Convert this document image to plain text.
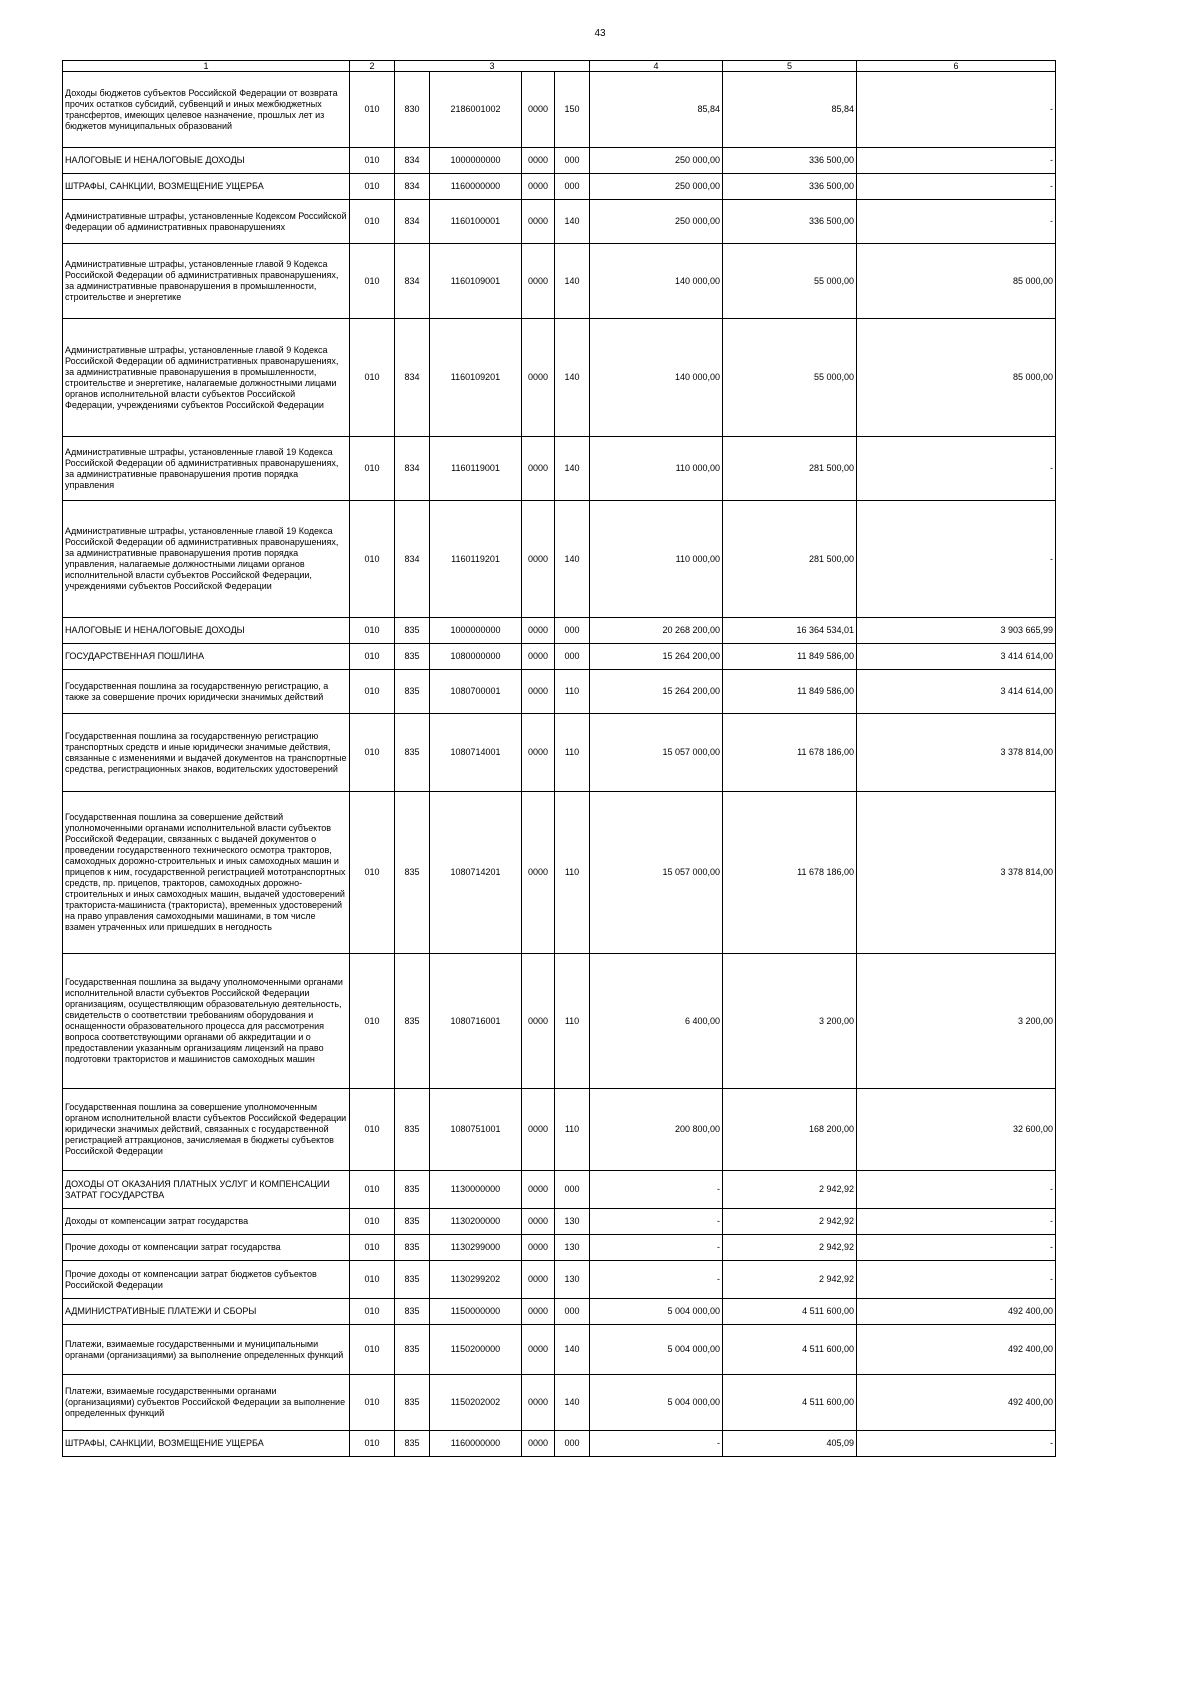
43
1	2	3				4	5	6
Доходы бюджетов субъектов Российской Федерации от возврата прочих остатков субсидий, субвенций и иных межбюджетных трансфертов, имеющих целевое назначение, прошлых лет из бюджетов муниципальных образований	010	830	2186001002	0000	150	85,84	85,84	-
НАЛОГОВЫЕ И НЕНАЛОГОВЫЕ ДОХОДЫ	010	834	1000000000	0000	000	250 000,00	336 500,00	-
ШТРАФЫ, САНКЦИИ, ВОЗМЕЩЕНИЕ УЩЕРБА	010	834	1160000000	0000	000	250 000,00	336 500,00	-
Административные штрафы, установленные Кодексом Российской Федерации об административных правонарушениях	010	834	1160100001	0000	140	250 000,00	336 500,00	-
Административные штрафы, установленные главой 9 Кодекса Российской Федерации об административных правонарушениях, за административные правонарушения в промышленности, строительстве и энергетике	010	834	1160109001	0000	140	140 000,00	55 000,00	85 000,00
Административные штрафы, установленные главой 9 Кодекса Российской Федерации об административных правонарушениях, за административные правонарушения в промышленности, строительстве и энергетике, налагаемые должностными лицами органов исполнительной власти субъектов Российской Федерации, учреждениями субъектов Российской Федерации	010	834	1160109201	0000	140	140 000,00	55 000,00	85 000,00
Административные штрафы, установленные главой 19 Кодекса Российской Федерации об административных правонарушениях, за административные правонарушения против порядка управления	010	834	1160119001	0000	140	110 000,00	281 500,00	-
Административные штрафы, установленные главой 19 Кодекса Российской Федерации об административных правонарушениях, за административные правонарушения против порядка управления, налагаемые должностными лицами органов исполнительной власти субъектов Российской Федерации, учреждениями субъектов Российской Федерации	010	834	1160119201	0000	140	110 000,00	281 500,00	-
НАЛОГОВЫЕ И НЕНАЛОГОВЫЕ ДОХОДЫ	010	835	1000000000	0000	000	20 268 200,00	16 364 534,01	3 903 665,99
ГОСУДАРСТВЕННАЯ ПОШЛИНА	010	835	1080000000	0000	000	15 264 200,00	11 849 586,00	3 414 614,00
Государственная пошлина за государственную регистрацию, а также за совершение прочих юридически значимых действий	010	835	1080700001	0000	110	15 264 200,00	11 849 586,00	3 414 614,00
Государственная пошлина за государственную регистрацию транспортных средств и иные юридически значимые действия, связанные с изменениями и выдачей документов на транспортные средства, регистрационных знаков, водительских удостоверений	010	835	1080714001	0000	110	15 057 000,00	11 678 186,00	3 378 814,00
Государственная пошлина за совершение действий уполномоченными органами исполнительной власти субъектов Российской Федерации, связанных с выдачей документов о проведении государственного технического осмотра тракторов, самоходных дорожно-строительных и иных самоходных машин и прицепов к ним, государственной регистрацией мототранспортных средств, пр. прицепов, тракторов, самоходных дорожно-строительных и иных самоходных машин, выдачей удостоверений тракториста-машиниста (тракториста), временных удостоверений на право управления самоходными машинами, в том числе взамен утраченных или пришедших в негодность	010	835	1080714201	0000	110	15 057 000,00	11 678 186,00	3 378 814,00
Государственная пошлина за выдачу уполномоченными органами исполнительной власти субъектов Российской Федерации организациям, осуществляющим образовательную деятельность, свидетельств о соответствии требованиям оборудования и оснащенности образовательного процесса для рассмотрения вопроса соответствующими органами об аккредитации и о предоставлении указанным организациям лицензий на право подготовки трактористов и машинистов самоходных машин	010	835	1080716001	0000	110	6 400,00	3 200,00	3 200,00
Государственная пошлина за совершение уполномоченным органом исполнительной власти субъектов Российской Федерации юридически значимых действий, связанных с государственной регистрацией аттракционов, зачисляемая в бюджеты субъектов Российской Федерации	010	835	1080751001	0000	110	200 800,00	168 200,00	32 600,00
ДОХОДЫ ОТ ОКАЗАНИЯ ПЛАТНЫХ УСЛУГ И КОМПЕНСАЦИИ ЗАТРАТ ГОСУДАРСТВА	010	835	1130000000	0000	000	-	2 942,92	-
Доходы от компенсации затрат государства	010	835	1130200000	0000	130	-	2 942,92	-
Прочие доходы от компенсации затрат государства	010	835	1130299000	0000	130	-	2 942,92	-
Прочие доходы от компенсации затрат бюджетов субъектов Российской Федерации	010	835	1130299202	0000	130	-	2 942,92	-
АДМИНИСТРАТИВНЫЕ ПЛАТЕЖИ И СБОРЫ	010	835	1150000000	0000	000	5 004 000,00	4 511 600,00	492 400,00
Платежи, взимаемые государственными и муниципальными органами (организациями) за выполнение определенных функций	010	835	1150200000	0000	140	5 004 000,00	4 511 600,00	492 400,00
Платежи, взимаемые государственными органами (организациями) субъектов Российской Федерации за выполнение определенных функций	010	835	1150202002	0000	140	5 004 000,00	4 511 600,00	492 400,00
ШТРАФЫ, САНКЦИИ, ВОЗМЕЩЕНИЕ УЩЕРБА	010	835	1160000000	0000	000	-	405,09	-
